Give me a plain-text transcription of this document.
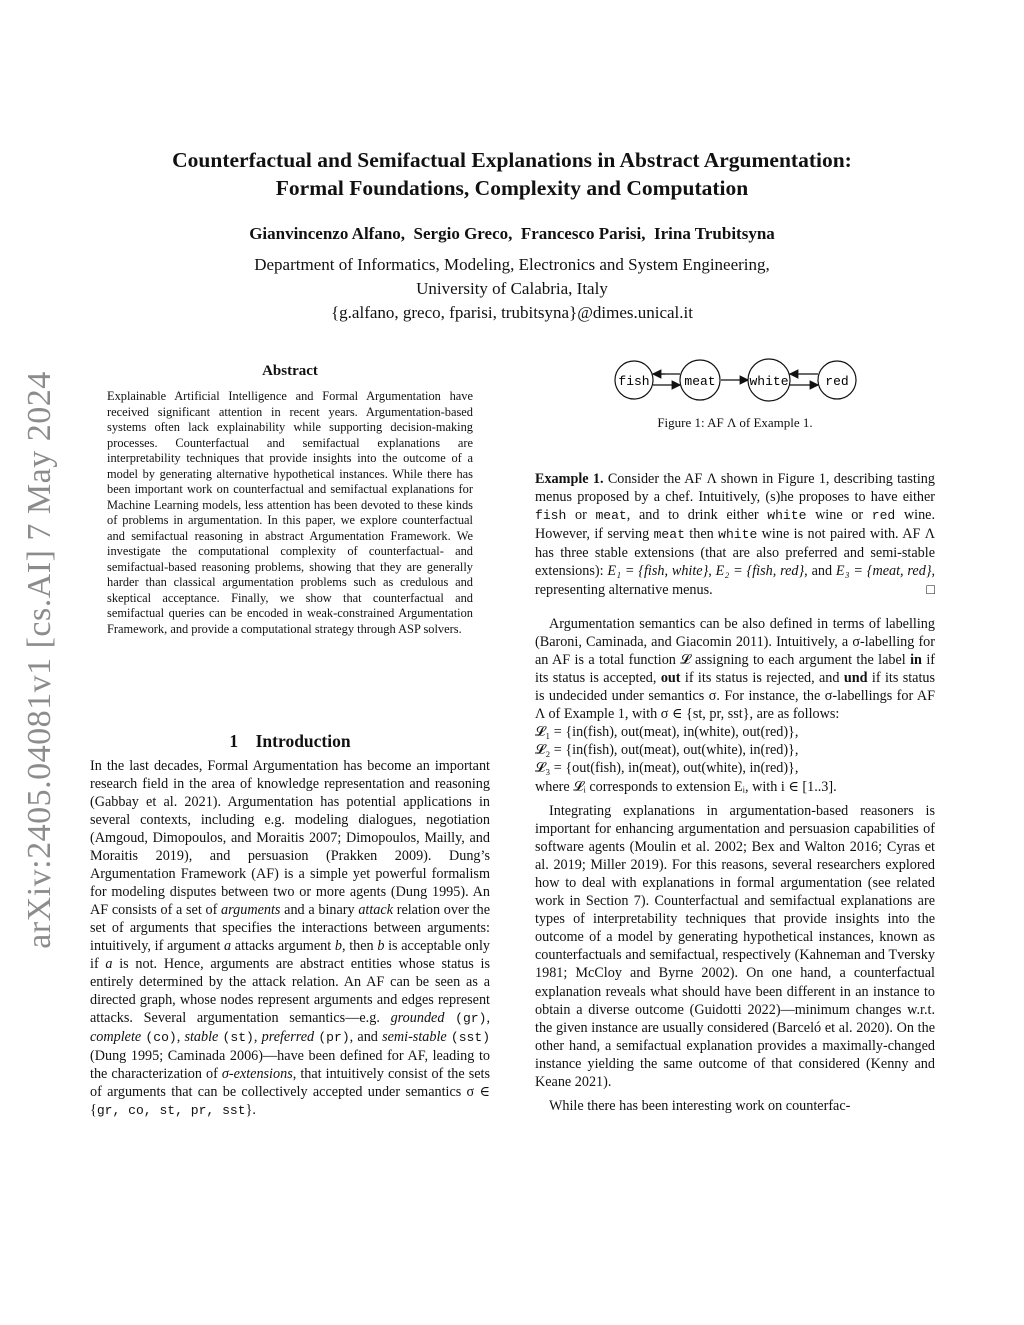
arXiv:2405.04081v1 [cs.AI] 7 May 2024
Counterfactual and Semifactual Explanations in Abstract Argumentation:
Formal Foundations, Complexity and Computation
Gianvincenzo Alfano,  Sergio Greco,  Francesco Parisi,  Irina Trubitsyna
Department of Informatics, Modeling, Electronics and System Engineering,
University of Calabria, Italy
{g.alfano, greco, fparisi, trubitsyna}@dimes.unical.it
Abstract
Explainable Artificial Intelligence and Formal Argumentation have received significant attention in recent years. Argumentation-based systems often lack explainability while supporting decision-making processes. Counterfactual and semifactual explanations are interpretability techniques that provide insights into the outcome of a model by generating alternative hypothetical instances. While there has been important work on counterfactual and semifactual explanations for Machine Learning models, less attention has been devoted to these kinds of problems in argumentation. In this paper, we explore counterfactual and semifactual reasoning in abstract Argumentation Framework. We investigate the computational complexity of counterfactual- and semifactual-based reasoning problems, showing that they are generally harder than classical argumentation problems such as credulous and skeptical acceptance. Finally, we show that counterfactual and semifactual queries can be encoded in weak-constrained Argumentation Framework, and provide a computational strategy through ASP solvers.
1    Introduction
In the last decades, Formal Argumentation has become an important research field in the area of knowledge representation and reasoning (Gabbay et al. 2021). Argumentation has potential applications in several contexts, including e.g. modeling dialogues, negotiation (Amgoud, Dimopoulos, and Moraitis 2007; Dimopoulos, Mailly, and Moraitis 2019), and persuasion (Prakken 2009). Dung’s Argumentation Framework (AF) is a simple yet powerful formalism for modeling disputes between two or more agents (Dung 1995). An AF consists of a set of arguments and a binary attack relation over the set of arguments that specifies the interactions between arguments: intuitively, if argument a attacks argument b, then b is acceptable only if a is not. Hence, arguments are abstract entities whose status is entirely determined by the attack relation. An AF can be seen as a directed graph, whose nodes represent arguments and edges represent attacks. Several argumentation semantics—e.g. grounded (gr), complete (co), stable (st), preferred (pr), and semi-stable (sst) (Dung 1995; Caminada 2006)—have been defined for AF, leading to the characterization of σ-extensions, that intuitively consist of the sets of arguments that can be collectively accepted under semantics σ ∈ {gr, co, st, pr, sst}.
fish	meat	white	red
Figure 1: AF Λ of Example 1.

Example 1. Consider the AF Λ shown in Figure 1, describing tasting menus proposed by a chef. Intuitively, (s)he proposes to have either fish or meat, and to drink either white wine or red wine. However, if serving meat then white wine is not paired with. AF Λ has three stable extensions (that are also preferred and semi-stable extensions): E₁ = {fish, white}, E₂ = {fish, red}, and E₃ = {meat, red}, representing alternative menus.	□

Argumentation semantics can be also defined in terms of labelling (Baroni, Caminada, and Giacomin 2011). Intuitively, a σ-labelling for an AF is a total function 𝓛 assigning to each argument the label in if its status is accepted, out if its status is rejected, and und if its status is undecided under semantics σ. For instance, the σ-labellings for AF Λ of Example 1, with σ ∈ {st, pr, sst}, are as follows:
𝓛₁ = {in(fish), out(meat), in(white), out(red)},
𝓛₂ = {in(fish), out(meat), out(white), in(red)},
𝓛₃ = {out(fish), in(meat), out(white), in(red)},
where 𝓛ᵢ corresponds to extension Eᵢ, with i ∈ [1..3].

Integrating explanations in argumentation-based reasoners is important for enhancing argumentation and persuasion capabilities of software agents (Moulin et al. 2002; Bex and Walton 2016; Cyras et al. 2019; Miller 2019). For this reasons, several researchers explored how to deal with explanations in formal argumentation (see related work in Section 7). Counterfactual and semifactual explanations are types of interpretability techniques that provide insights into the outcome of a model by generating hypothetical instances, known as counterfactuals and semifactual, respectively (Kahneman and Tversky 1981; McCloy and Byrne 2002). On one hand, a counterfactual explanation reveals what should have been different in an instance to obtain a diverse outcome (Guidotti 2022)—minimum changes w.r.t. the given instance are usually considered (Barceló et al. 2020). On the other hand, a semifactual explanation provides a maximally-changed instance yielding the same outcome of that considered (Kenny and Keane 2021).

While there has been interesting work on counterfac-
